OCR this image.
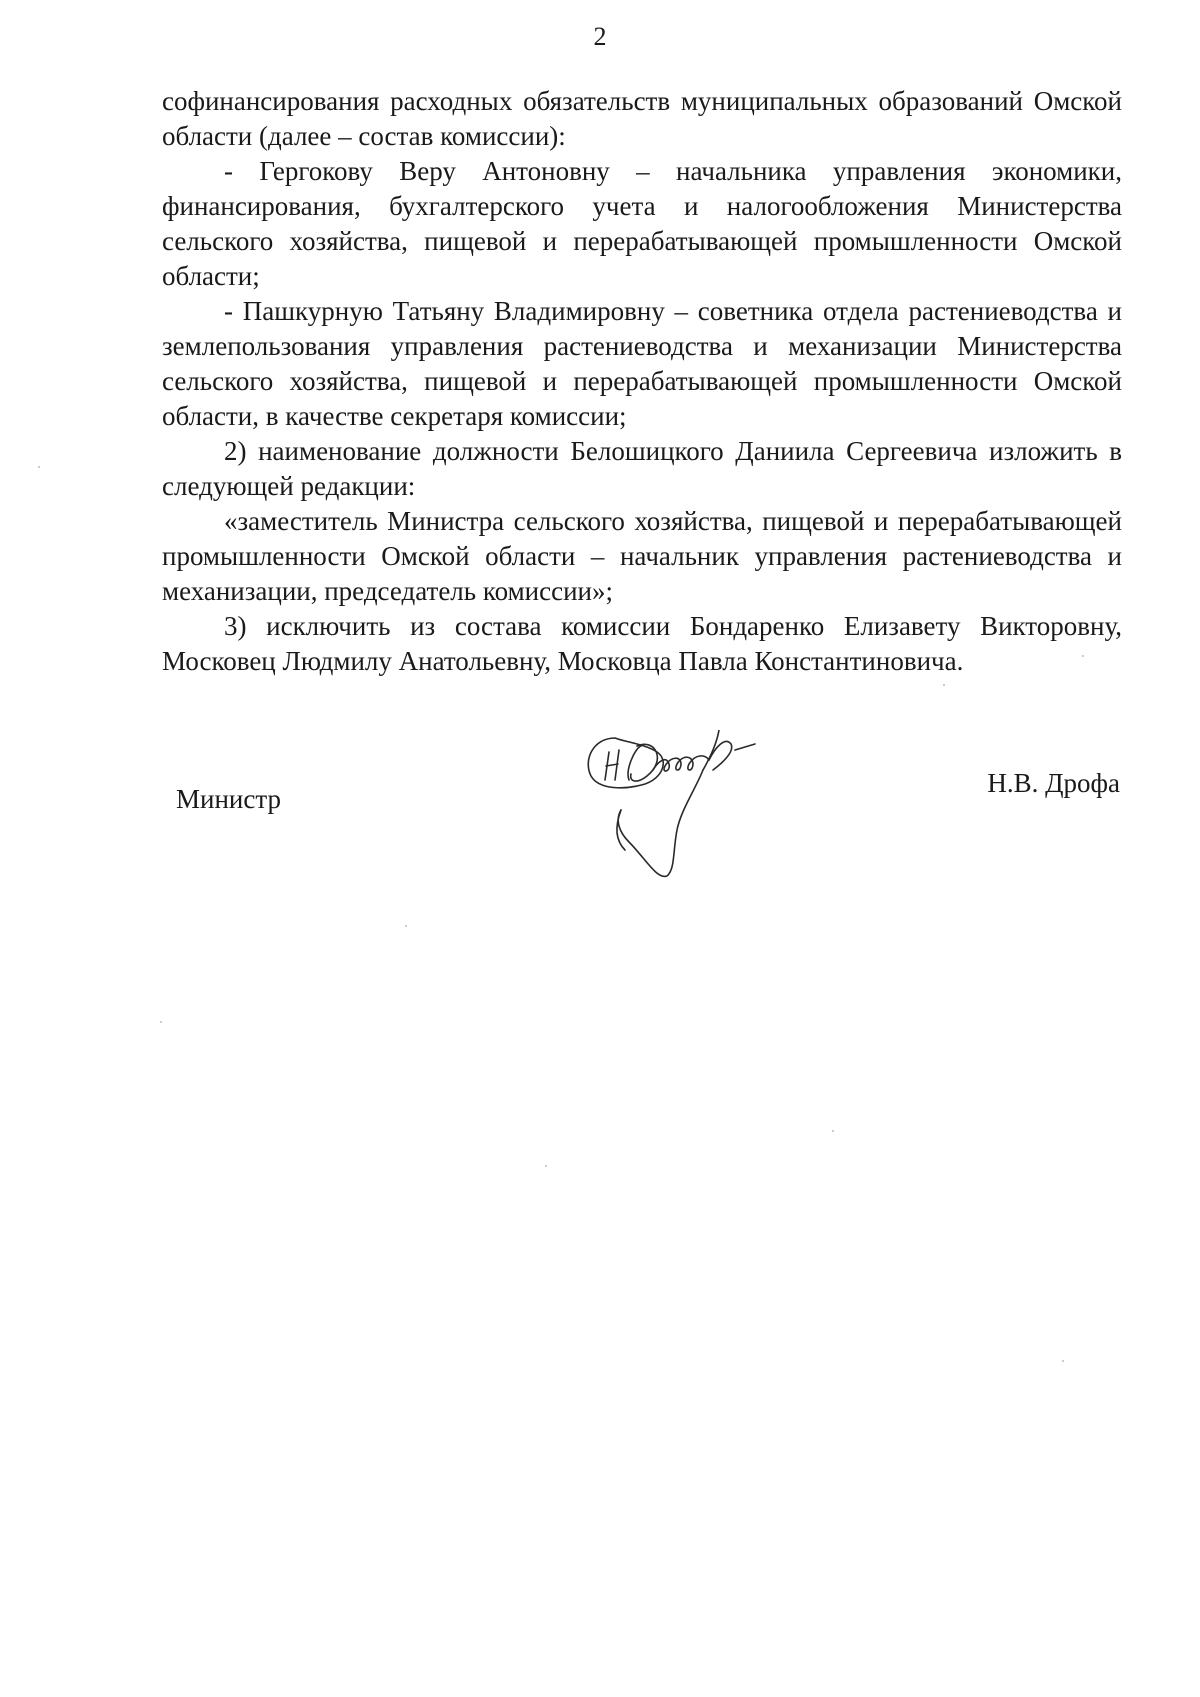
2

софинансирования расходных обязательств муниципальных образований Омской области (далее – состав комиссии):

- Гергокову Веру Антоновну – начальника управления экономики, финансирования, бухгалтерского учета и налогообложения Министерства сельского хозяйства, пищевой и перерабатывающей промышленности Омской области;

- Пашкурную Татьяну Владимировну – советника отдела растениеводства и землепользования управления растениеводства и механизации Министерства сельского хозяйства, пищевой и перерабатывающей промышленности Омской области, в качестве секретаря комиссии;

2) наименование должности Белошицкого Даниила Сергеевича изложить в следующей редакции:

«заместитель Министра сельского хозяйства, пищевой и перерабатывающей промышленности Омской области – начальник управления растениеводства и механизации, председатель комиссии»;

3) исключить из состава комиссии Бондаренко Елизавету Викторовну, Московец Людмилу Анатольевну, Московца Павла Константиновича.

Министр
НД
Н.В. Дрофа
